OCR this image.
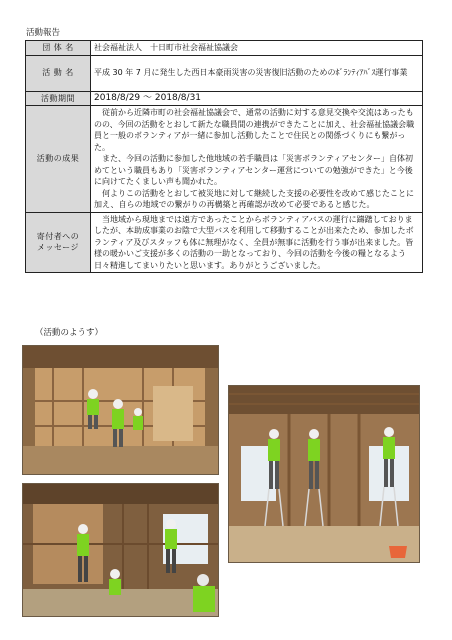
活動報告
団 体 名	社会福祉法人　十日町市社会福祉協議会
活 動 名	平成 30 年 7 月に発生した西日本豪雨災害の災害復旧活動のためのﾎﾞﾗﾝﾃｨｱﾊﾞｽ運行事業
活動期間	2018/8/29 ～ 2018/8/31
活動の成果	従前から近隣市町の社会福祉協議会で、通常の活動に対する意見交換や交流はあったものの、今回の活動をとおして新たな職員間の連携ができたことに加え、社会福祉協議会職員と一般のボランティアが一緒に参加し活動したことで住民との関係づくりにも繋がった。

また、今回の活動に参加した他地域の若手職員は「災害ボランティアセンター」自体初めてという職員もあり「災害ボランティアセンター運営についての勉強ができた」と今後に向けてたくましい声も聞かれた。

何よりこの活動をとおして被災地に対して継続した支援の必要性を改めて感じたことに加え、自らの地域での繋がりの再構築と再確認が改めて必要であると感じた。

寄付者への
メッセージ	当地域から現地までは遠方であったことからボランティアバスの運行に躊躇しておりましたが、本助成事業のお陰で大型バスを利用して移動することが出来たため、参加したボランティア及びスタッフも体に無理がなく、全員が無事に活動を行う事が出来ました。皆様の暖かいご支援が多くの活動の一助となっており、今回の活動を今後の糧となるよう日々精進してまいりたいと思います。ありがとうございました。

（活動のようす）
